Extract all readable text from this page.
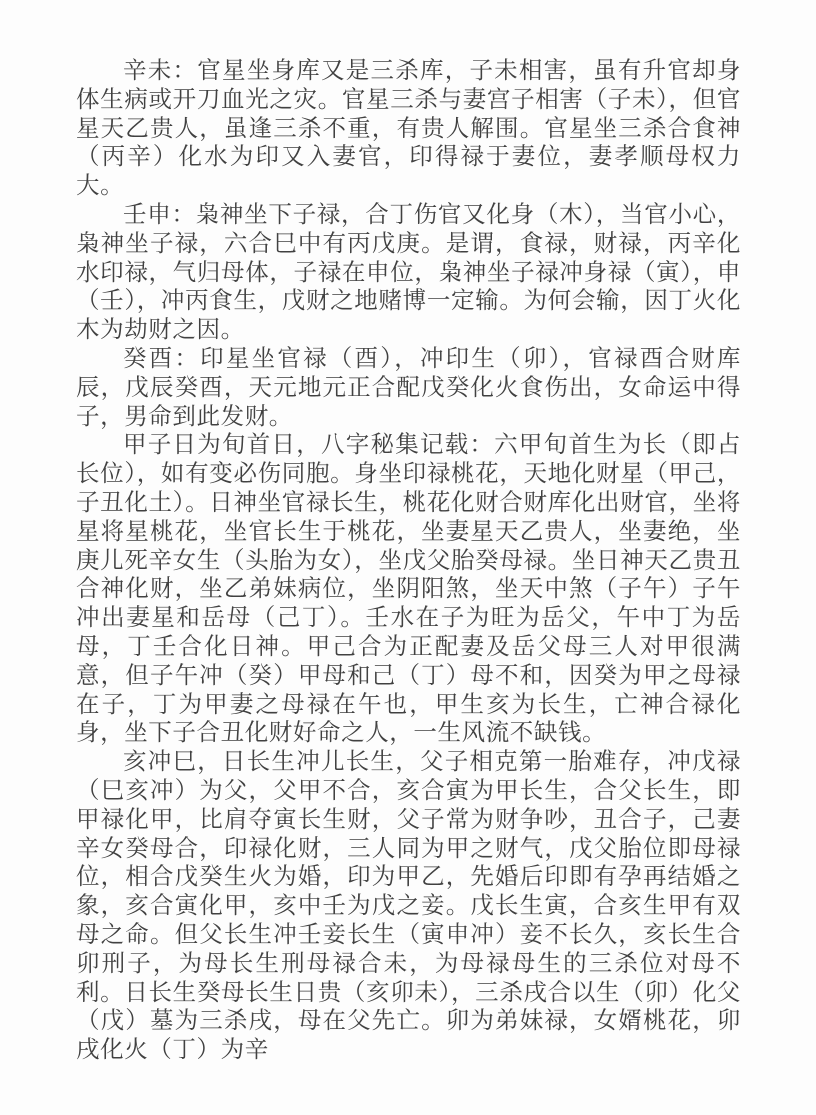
辛未：官星坐身库又是三杀库，子未相害，虽有升官却身体生病或开刀血光之灾。官星三杀与妻宫子相害（子未），但官星天乙贵人，虽逢三杀不重，有贵人解围。官星坐三杀合食神（丙辛）化水为印又入妻官，印得禄于妻位，妻孝顺母权力大。

壬申：枭神坐下子禄，合丁伤官又化身（木），当官小心，枭神坐子禄，六合巳中有丙戊庚。是谓，食禄，财禄，丙辛化水印禄，气归母体，子禄在申位，枭神坐子禄冲身禄（寅），申（壬），冲丙食生，戊财之地赌博一定输。为何会输，因丁火化木为劫财之因。

癸酉：印星坐官禄（酉），冲印生（卯），官禄酉合财库辰，戊辰癸酉，天元地元正合配戊癸化火食伤出，女命运中得子，男命到此发财。

甲子日为旬首日，八字秘集记载：六甲旬首生为长（即占长位），如有变必伤同胞。身坐印禄桃花，天地化财星（甲己，子丑化土）。日神坐官禄长生，桃花化财合财库化出财官，坐将星将星桃花，坐官长生于桃花，坐妻星天乙贵人，坐妻绝，坐庚儿死辛女生（头胎为女），坐戊父胎癸母禄。坐日神天乙贵丑合神化财，坐乙弟妹病位，坐阴阳煞，坐天中煞（子午）子午冲出妻星和岳母（己丁）。壬水在子为旺为岳父，午中丁为岳母，丁壬合化日神。甲己合为正配妻及岳父母三人对甲很满意，但子午冲（癸）甲母和己（丁）母不和，因癸为甲之母禄在子，丁为甲妻之母禄在午也，甲生亥为长生，亡神合禄化身，坐下子合丑化财好命之人，一生风流不缺钱。

亥冲巳，日长生冲儿长生，父子相克第一胎难存，冲戊禄（巳亥冲）为父，父甲不合，亥合寅为甲长生，合父长生，即甲禄化甲，比肩夺寅长生财，父子常为财争吵，丑合子，己妻辛女癸母合，印禄化财，三人同为甲之财气，戊父胎位即母禄位，相合戊癸生火为婚，印为甲乙，先婚后印即有孕再结婚之象，亥合寅化甲，亥中壬为戊之妾。戊长生寅，合亥生甲有双母之命。但父长生冲壬妾长生（寅申冲）妾不长久，亥长生合卯刑子，为母长生刑母禄合未，为母禄母生的三杀位对母不利。日长生癸母长生日贵（亥卯未），三杀戌合以生（卯）化父（戊）墓为三杀戌，母在父先亡。卯为弟妹禄，女婿桃花，卯戌化火（丁）为辛
